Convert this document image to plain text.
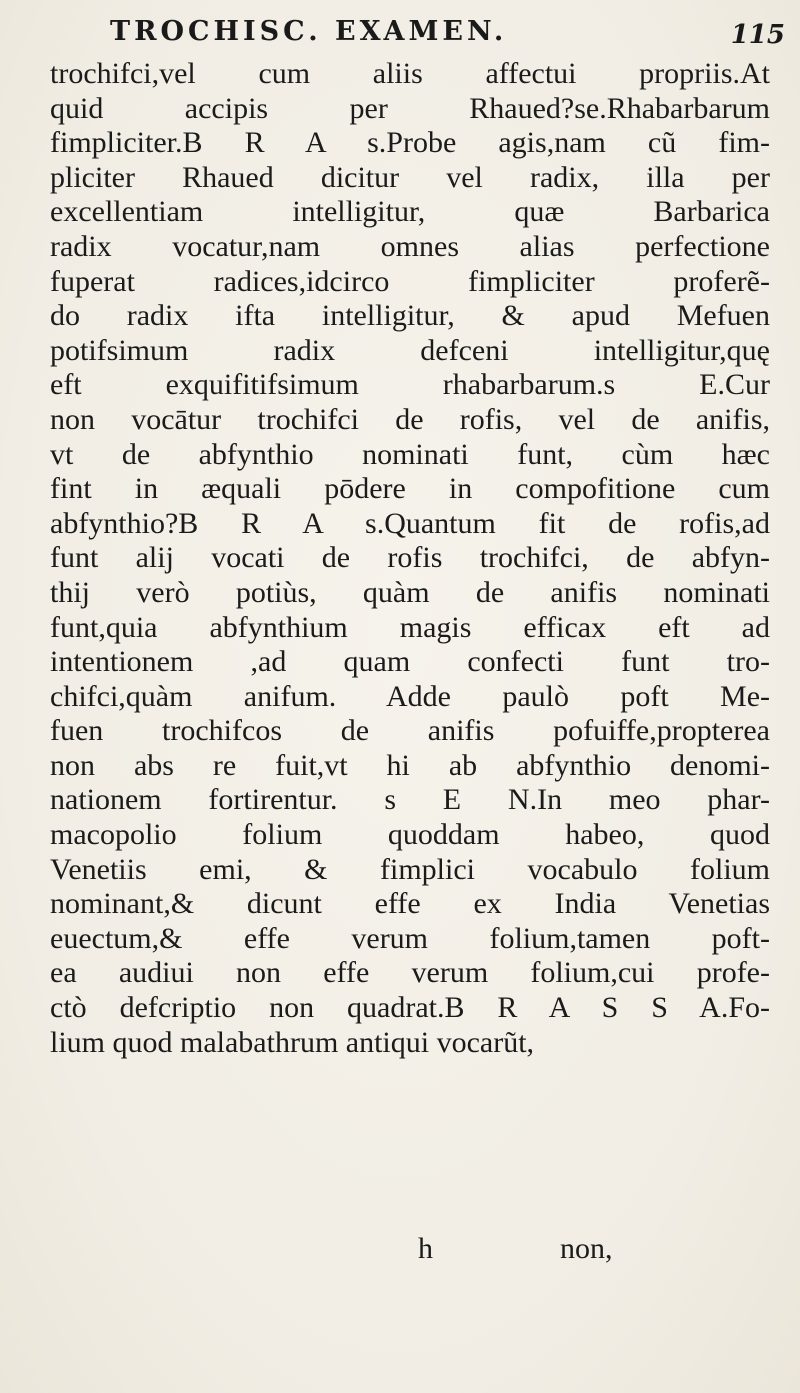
TROCHISC. EXAMEN.	115
trochifci,vel cum aliis affectui propriis.At
quid accipis per Rhaued?se.Rhabarbarum
fimpliciter.B R A s.Probe agis,nam cũ fim-
pliciter Rhaued dicitur vel radix, illa per
excellentiam intelligitur, quæ Barbarica
radix vocatur,nam omnes alias perfectione
fuperat radices,idcirco fimpliciter proferẽ-
do radix ifta intelligitur, & apud Mefuen
potifsimum radix defceni intelligitur,quę
eft exquifitifsimum rhabarbarum.s E.Cur
non vocātur trochifci de rofis, vel de anifis,
vt de abfynthio nominati funt, cùm hæc
fint in æquali pōdere in compofitione cum
abfynthio?B R A s.Quantum fit de rofis,ad
funt alij vocati de rofis trochifci, de abfyn-
thij verò potiùs, quàm de anifis nominati
funt,quia abfynthium magis efficax eft ad
intentionem ,ad quam confecti funt tro-
chifci,quàm anifum. Adde paulò poft Me-
fuen trochifcos de anifis pofuiffe,propterea
non abs re fuit,vt hi ab abfynthio denomi-
nationem fortirentur. s E N.In meo phar-
macopolio folium quoddam habeo, quod
Venetiis emi, & fimplici vocabulo folium
nominant,& dicunt effe ex India Venetias
euectum,& effe verum folium,tamen poft-
ea audiui non effe verum folium,cui profe-
ctò defcriptio non quadrat.B R A S S A.Fo-
lium quod malabathrum antiqui vocarũt,
h	non,
